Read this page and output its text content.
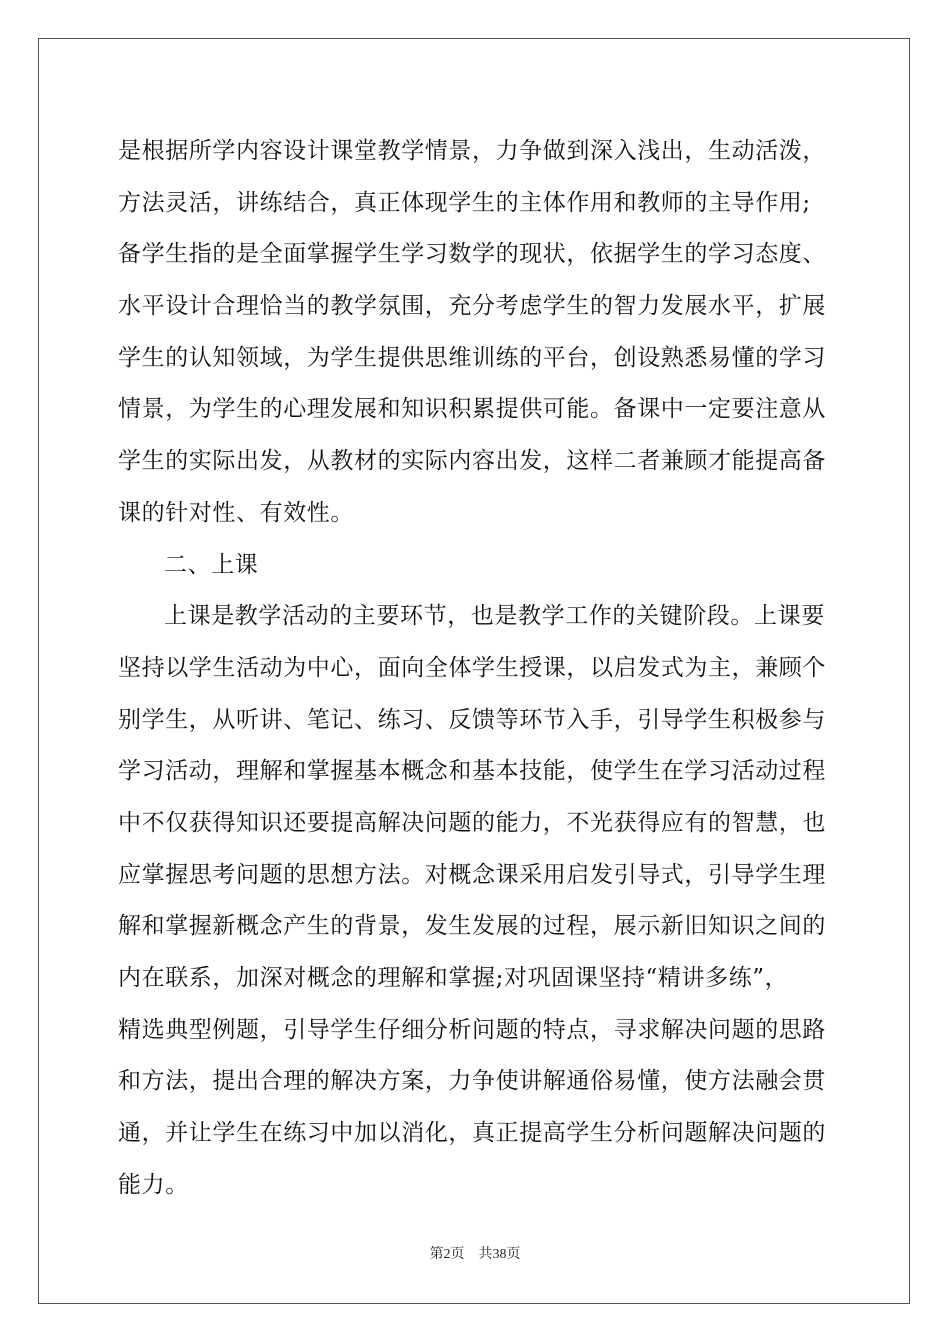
是根据所学内容设计课堂教学情景，力争做到深入浅出，生动活泼，
方法灵活，讲练结合，真正体现学生的主体作用和教师的主导作用;
备学生指的是全面掌握学生学习数学的现状，依据学生的学习态度、
水平设计合理恰当的教学氛围，充分考虑学生的智力发展水平，扩展
学生的认知领域，为学生提供思维训练的平台，创设熟悉易懂的学习
情景，为学生的心理发展和知识积累提供可能。备课中一定要注意从
学生的实际出发，从教材的实际内容出发，这样二者兼顾才能提高备
课的针对性、有效性。
二、上课
上课是教学活动的主要环节，也是教学工作的关键阶段。上课要
坚持以学生活动为中心，面向全体学生授课，以启发式为主，兼顾个
别学生，从听讲、笔记、练习、反馈等环节入手，引导学生积极参与
学习活动，理解和掌握基本概念和基本技能，使学生在学习活动过程
中不仅获得知识还要提高解决问题的能力，不光获得应有的智慧，也
应掌握思考问题的思想方法。对概念课采用启发引导式，引导学生理
解和掌握新概念产生的背景，发生发展的过程，展示新旧知识之间的
内在联系，加深对概念的理解和掌握;对巩固课坚持“精讲多练”，
精选典型例题，引导学生仔细分析问题的特点，寻求解决问题的思路
和方法，提出合理的解决方案，力争使讲解通俗易懂，使方法融会贯
通，并让学生在练习中加以消化，真正提高学生分析问题解决问题的
能力。
第2页　共38页
